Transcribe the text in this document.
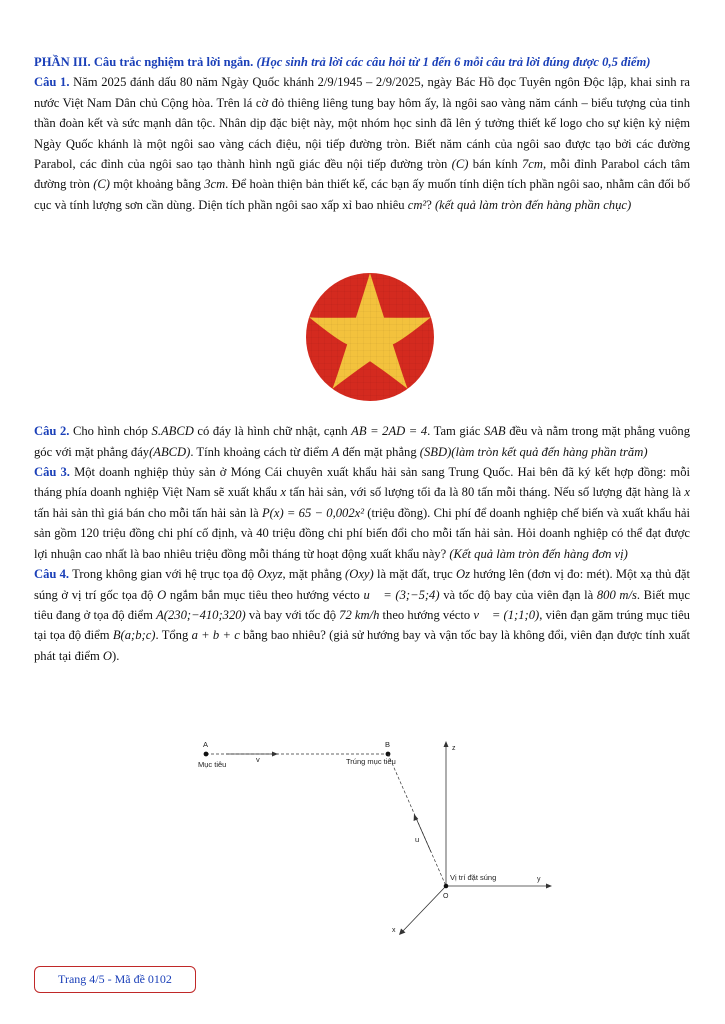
PHẦN III. Câu trắc nghiệm trả lời ngắn. (Học sinh trả lời các câu hỏi từ 1 đến 6 mỗi câu trả lời đúng được 0,5 điểm)

Câu 1. Năm 2025 đánh dấu 80 năm Ngày Quốc khánh 2/9/1945 – 2/9/2025, ngày Bác Hồ đọc Tuyên ngôn Độc lập, khai sinh ra nước Việt Nam Dân chủ Cộng hòa. Trên lá cờ đỏ thiêng liêng tung bay hôm ấy, là ngôi sao vàng năm cánh – biểu tượng của tinh thần đoàn kết và sức mạnh dân tộc. Nhân dịp đặc biệt này, một nhóm học sinh đã lên ý tưởng thiết kế logo cho sự kiện kỷ niệm Ngày Quốc khánh là một ngôi sao vàng cách điệu, nội tiếp đường tròn. Biết năm cánh của ngôi sao được tạo bởi các đường Parabol, các đỉnh của ngôi sao tạo thành hình ngũ giác đều nội tiếp đường tròn (C) bán kính 7cm, mỗi đỉnh Parabol cách tâm đường tròn (C) một khoảng bằng 3cm. Để hoàn thiện bản thiết kế, các bạn ấy muốn tính diện tích phần ngôi sao, nhằm cân đối bố cục và tính lượng sơn cần dùng. Diện tích phần ngôi sao xấp xỉ bao nhiêu cm²? (kết quả làm tròn đến hàng phần chục)

Câu 2. Cho hình chóp S.ABCD có đáy là hình chữ nhật, cạnh AB = 2AD = 4. Tam giác SAB đều và nằm trong mặt phẳng vuông góc với mặt phẳng đáy(ABCD). Tính khoảng cách từ điểm A đến mặt phẳng (SBD)(làm tròn kết quả đến hàng phần trăm)

Câu 3. Một doanh nghiệp thủy sản ở Móng Cái chuyên xuất khẩu hải sản sang Trung Quốc. Hai bên đã ký kết hợp đồng: mỗi tháng phía doanh nghiệp Việt Nam sẽ xuất khẩu x tấn hải sản, với số lượng tối đa là 80 tấn mỗi tháng. Nếu số lượng đặt hàng là x tấn hải sản thì giá bán cho mỗi tấn hải sản là P(x) = 65 − 0,002x² (triệu đồng). Chi phí để doanh nghiệp chế biến và xuất khẩu hải sản gồm 120 triệu đồng chi phí cố định, và 40 triệu đồng chi phí biến đổi cho mỗi tấn hải sản. Hỏi doanh nghiệp có thể đạt được lợi nhuận cao nhất là bao nhiêu triệu đồng mỗi tháng từ hoạt động xuất khẩu này? (Kết quả làm tròn đến hàng đơn vị)

Câu 4. Trong không gian với hệ trục tọa độ Oxyz, mặt phẳng (Oxy) là mặt đất, trục Oz hướng lên (đơn vị đo: mét). Một xạ thủ đặt súng ở vị trí gốc tọa độ O ngắm bắn mục tiêu theo hướng vécto u⃗ = (3;−5;4) và tốc độ bay của viên đạn là 800 m/s. Biết mục tiêu đang ở tọa độ điểm A(230;−410;320) và bay với tốc độ 72 km/h theo hướng vécto v⃗ = (1;1;0), viên đạn găm trúng mục tiêu tại tọa độ điểm B(a;b;c). Tổng a + b + c bằng bao nhiêu? (giả sử hướng bay và vận tốc bay là không đổi, viên đạn được tính xuất phát tại điểm O).

A	B
Mục tiêu
v	Trúng mục tiêu
u
z
y
x
O
Vị trí đặt súng
Trang 4/5 - Mã đề 0102
